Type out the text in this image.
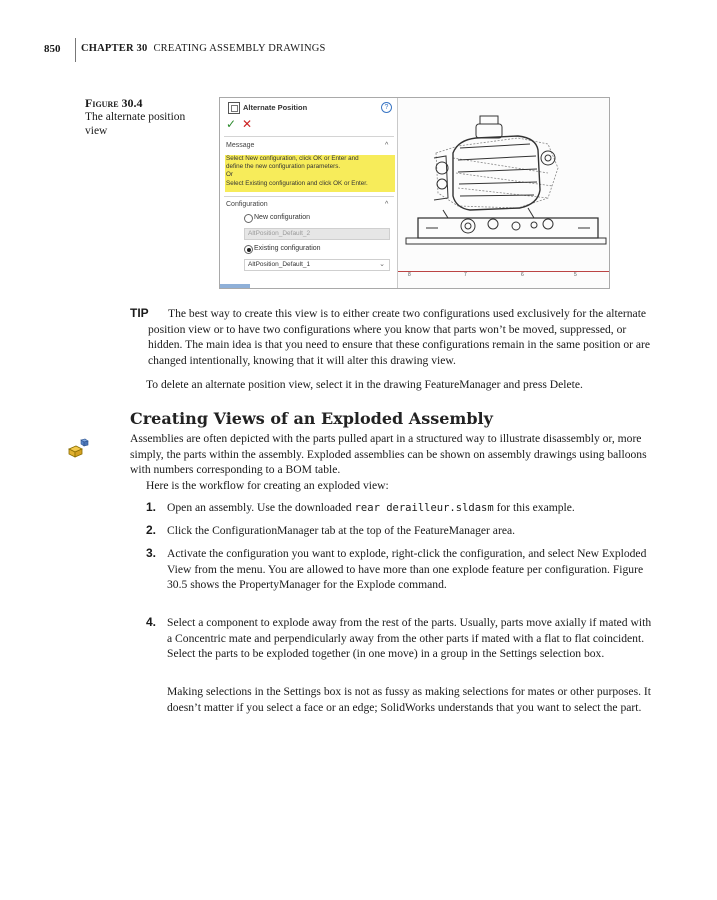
850 CHAPTER 30 CREATING ASSEMBLY DRAWINGS
Figure 30.4
The alternate position view
Alternate Position	?
✓ ✕
Message	^
Select New configuration, click OK or Enter and
define the new configuration parameters.
Or
Select Existing configuration and click OK or Enter.
Configuration	^
New configuration
AltPosition_Default_2
Existing configuration
AltPosition_Default_1	⌄
8	7	6	5
TIP	The best way to create this view is to either create two configurations used exclusively for the alternate position view or to have two configurations where you know that parts won’t be moved, suppressed, or hidden. The main idea is that you need to ensure that these configurations remain in the same position or are changed intentionally, knowing that it will alter this drawing view.
To delete an alternate position view, select it in the drawing FeatureManager and press Delete.
Creating Views of an Exploded Assembly
Assemblies are often depicted with the parts pulled apart in a structured way to illustrate disassembly or, more simply, the parts within the assembly. Exploded assemblies can be shown on assembly drawings using balloons with numbers corresponding to a BOM table.
Here is the workflow for creating an exploded view:
1. Open an assembly. Use the downloaded rear derailleur.sldasm for this example.
2. Click the ConfigurationManager tab at the top of the FeatureManager area.
3. Activate the configuration you want to explode, right-click the configuration, and select New Exploded View from the menu. You are allowed to have more than one explode feature per configuration. Figure 30.5 shows the PropertyManager for the Explode command.
4. Select a component to explode away from the rest of the parts. Usually, parts move axially if mated with a Concentric mate and perpendicularly away from the other parts if mated with a flat to flat coincident. Select the parts to be exploded together (in one move) in a group in the Settings selection box.
Making selections in the Settings box is not as fussy as making selections for mates or other purposes. It doesn’t matter if you select a face or an edge; SolidWorks understands that you want to select the part.
